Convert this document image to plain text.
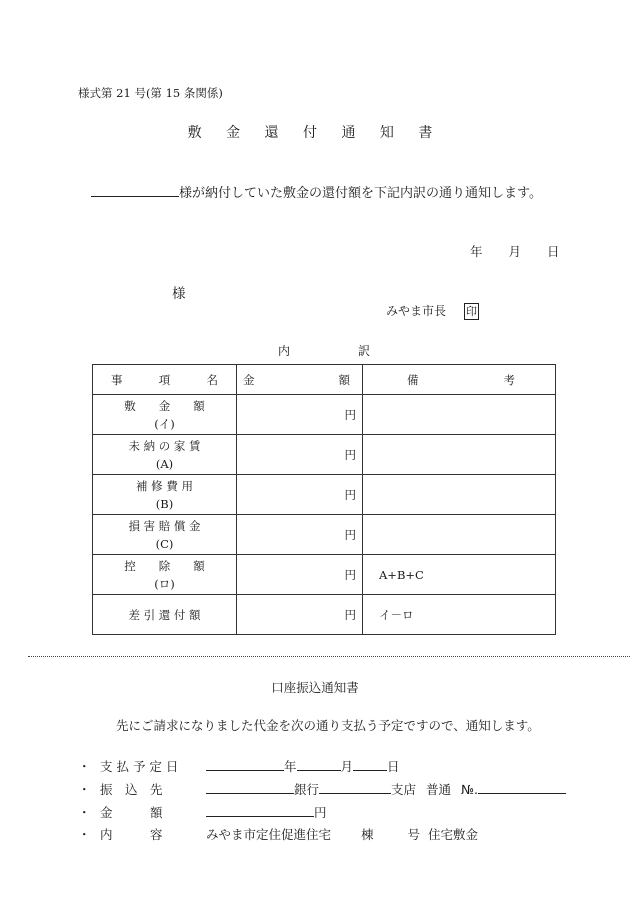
様式第 21 号(第 15 条関係)
敷 金 還 付 通 知 書
様が納付していた敷金の還付額を下記内訳の通り通知します。
年 月 日
様
みやま市長 印
内	訳
事 項 名	金 額	備 考

敷　　金　　額
(イ)	円	

未 納 の 家 賃
(A)	円	

補 修 費 用
(B)	円	

損 害 賠 償 金
(C)	円	

控　　除　　額
(ロ)	円	A+B+C

差 引 還 付 額	円	イ－ロ
口座振込通知書
先にご請求になりました代金を次の通り支払う予定ですので、通知します。
・ 支 払 予 定 日	年	月	日
・ 振　込　先	銀行	支店 普通 №.
・ 金　　　額	円
・ 内　　　容	みやま市定住促進住宅 棟	号 住宅敷金
